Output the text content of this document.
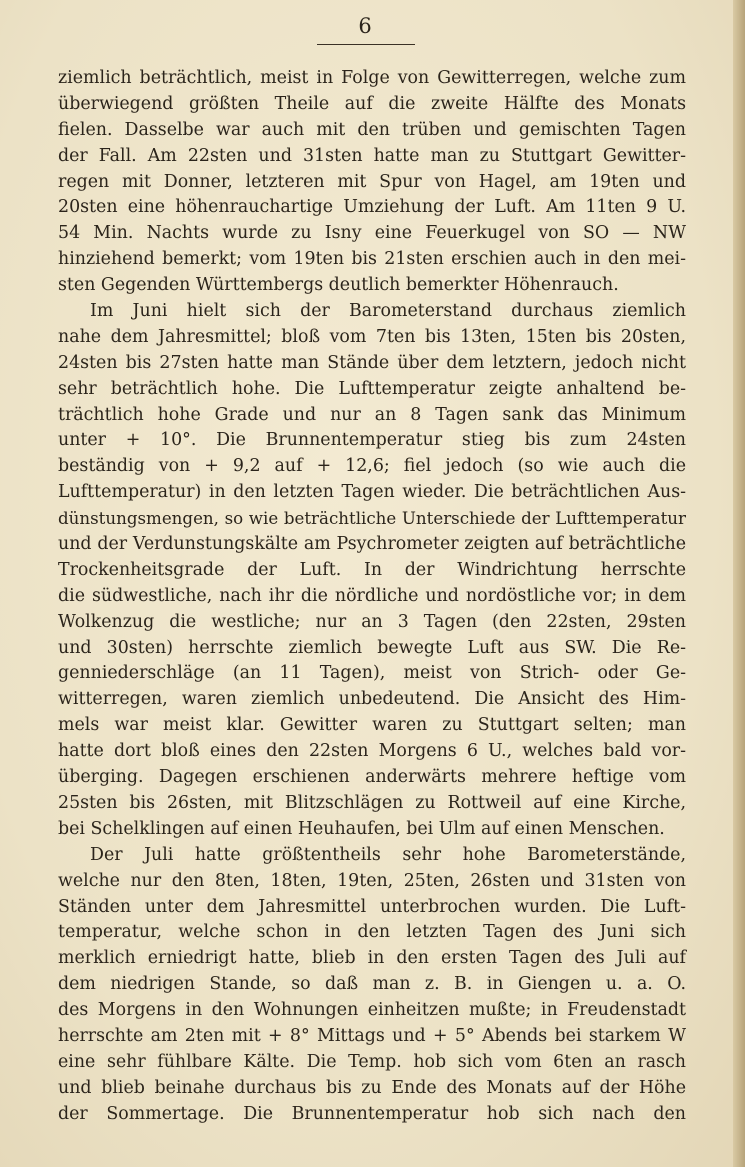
6
ziemlich beträchtlich, meist in Folge von Gewitterregen, welche zum
überwiegend größten Theile auf die zweite Hälfte des Monats
fielen. Dasselbe war auch mit den trüben und gemischten Tagen
der Fall. Am 22sten und 31sten hatte man zu Stuttgart Gewitter-
regen mit Donner, letzteren mit Spur von Hagel, am 19ten und
20sten eine höhenrauchartige Umziehung der Luft. Am 11ten 9 U.
54 Min. Nachts wurde zu Isny eine Feuerkugel von SO — NW
hinziehend bemerkt; vom 19ten bis 21sten erschien auch in den mei-
sten Gegenden Württembergs deutlich bemerkter Höhenrauch.
Im Juni hielt sich der Barometerstand durchaus ziemlich
nahe dem Jahresmittel; bloß vom 7ten bis 13ten, 15ten bis 20sten,
24sten bis 27sten hatte man Stände über dem letztern, jedoch nicht
sehr beträchtlich hohe. Die Lufttemperatur zeigte anhaltend be-
trächtlich hohe Grade und nur an 8 Tagen sank das Minimum
unter + 10°. Die Brunnentemperatur stieg bis zum 24sten
beständig von + 9,2 auf + 12,6; fiel jedoch (so wie auch die
Lufttemperatur) in den letzten Tagen wieder. Die beträchtlichen Aus-
dünstungsmengen, so wie beträchtliche Unterschiede der Lufttemperatur
und der Verdunstungskälte am Psychrometer zeigten auf beträchtliche
Trockenheitsgrade der Luft. In der Windrichtung herrschte
die südwestliche, nach ihr die nördliche und nordöstliche vor; in dem
Wolkenzug die westliche; nur an 3 Tagen (den 22sten, 29sten
und 30sten) herrschte ziemlich bewegte Luft aus SW. Die Re-
genniederschläge (an 11 Tagen), meist von Strich- oder Ge-
witterregen, waren ziemlich unbedeutend. Die Ansicht des Him-
mels war meist klar. Gewitter waren zu Stuttgart selten; man
hatte dort bloß eines den 22sten Morgens 6 U., welches bald vor-
überging. Dagegen erschienen anderwärts mehrere heftige vom
25sten bis 26sten, mit Blitzschlägen zu Rottweil auf eine Kirche,
bei Schelklingen auf einen Heuhaufen, bei Ulm auf einen Menschen.
Der Juli hatte größtentheils sehr hohe Barometerstände,
welche nur den 8ten, 18ten, 19ten, 25ten, 26sten und 31sten von
Ständen unter dem Jahresmittel unterbrochen wurden. Die Luft-
temperatur, welche schon in den letzten Tagen des Juni sich
merklich erniedrigt hatte, blieb in den ersten Tagen des Juli auf
dem niedrigen Stande, so daß man z. B. in Giengen u. a. O.
des Morgens in den Wohnungen einheitzen mußte; in Freudenstadt
herrschte am 2ten mit + 8° Mittags und + 5° Abends bei starkem W
eine sehr fühlbare Kälte. Die Temp. hob sich vom 6ten an rasch
und blieb beinahe durchaus bis zu Ende des Monats auf der Höhe
der Sommertage. Die Brunnentemperatur hob sich nach den
